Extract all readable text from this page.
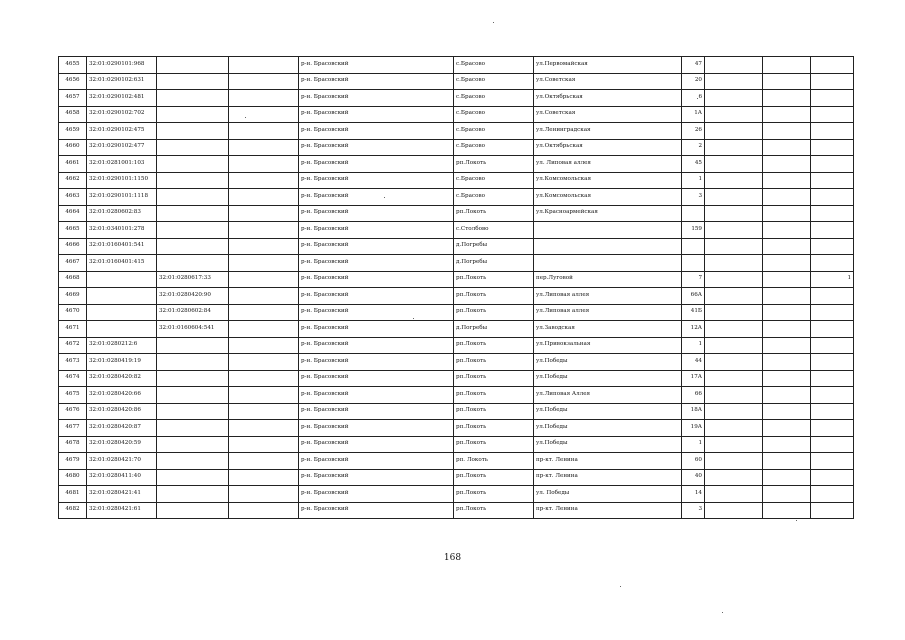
4655	32:01:0290101:968			р-н. Брасовский	с.Брасово	ул.Первомайская	47			
4656	32:01:0290102:631			р-н. Брасовский	с.Брасово	ул.Советская	20			
4657	32:01:0290102:481			р-н. Брасовский	с.Брасово	ул.Октябрьская	6			
4658	32:01:0290102:702			р-н. Брасовский	с.Брасово	ул.Советская	1А			
4659	32:01:0290102:475			р-н. Брасовский	с.Брасово	ул.Ленинградская	26			
4660	32:01:0290102:477			р-н. Брасовский	с.Брасово	ул.Октябрьская	2			
4661	32:01:0281001:103			р-н. Брасовский	рп.Локоть	ул. Липовая аллея	45			
4662	32:01:0290101:1150			р-н. Брасовский	с.Брасово	ул.Комсомольская	1			
4663	32:01:0290101:1118			р-н. Брасовский	с.Брасово	ул.Комсомольская	3			
4664	32:01:0280602:83			р-н. Брасовский	рп.Локоть	ул.Красноармейская				
4665	32:01:0340101:278			р-н. Брасовский	с.Столбово		159			
4666	32:01:0160401:541			р-н. Брасовский	д.Погребы					
4667	32:01:0160401:415			р-н. Брасовский	д.Погребы					
4668		32:01:0280617:33		р-н. Брасовский	рп.Локоть	пер.Луговой	7			1
4669		32:01:0280420:90		р-н. Брасовский	рп.Локоть	ул.Липовая аллея	66А			
4670		32:01:0280602:84		р-н. Брасовский	рп.Локоть	ул.Липовая аллея	41Б			
4671		32:01:0160604:541		р-н. Брасовский	д.Погребы	ул.Заводская	12А			
4672	32:01:0280212:6			р-н. Брасовский	рп.Локоть	ул.Привокзальная	1			
4673	32:01:0280419:19			р-н. Брасовский	рп.Локоть	ул.Победы	44			
4674	32:01:0280420:82			р-н. Брасовский	рп.Локоть	ул.Победы	17А			
4675	32:01:0280420:66			р-н. Брасовский	рп.Локоть	ул.Липовая Аллея	66			
4676	32:01:0280420:86			р-н. Брасовский	рп.Локоть	ул.Победы	18А			
4677	32:01:0280420:87			р-н. Брасовский	рп.Локоть	ул.Победы	19А			
4678	32:01:0280420:59			р-н. Брасовский	рп.Локоть	ул.Победы	1			
4679	32:01:0280421:70			р-н. Брасовский	рп. Локоть	пр-кт. Ленина	60			
4680	32:01:0280411:40			р-н. Брасовский	рп.Локоть	пр-кт. Ленина	40			
4681	32:01:0280421:41			р-н. Брасовский	рп.Локоть	ул. Победы	14			
4682	32:01:0280421:61			р-н. Брасовский	рп.Локоть	пр-кт. Ленина	3			
168
